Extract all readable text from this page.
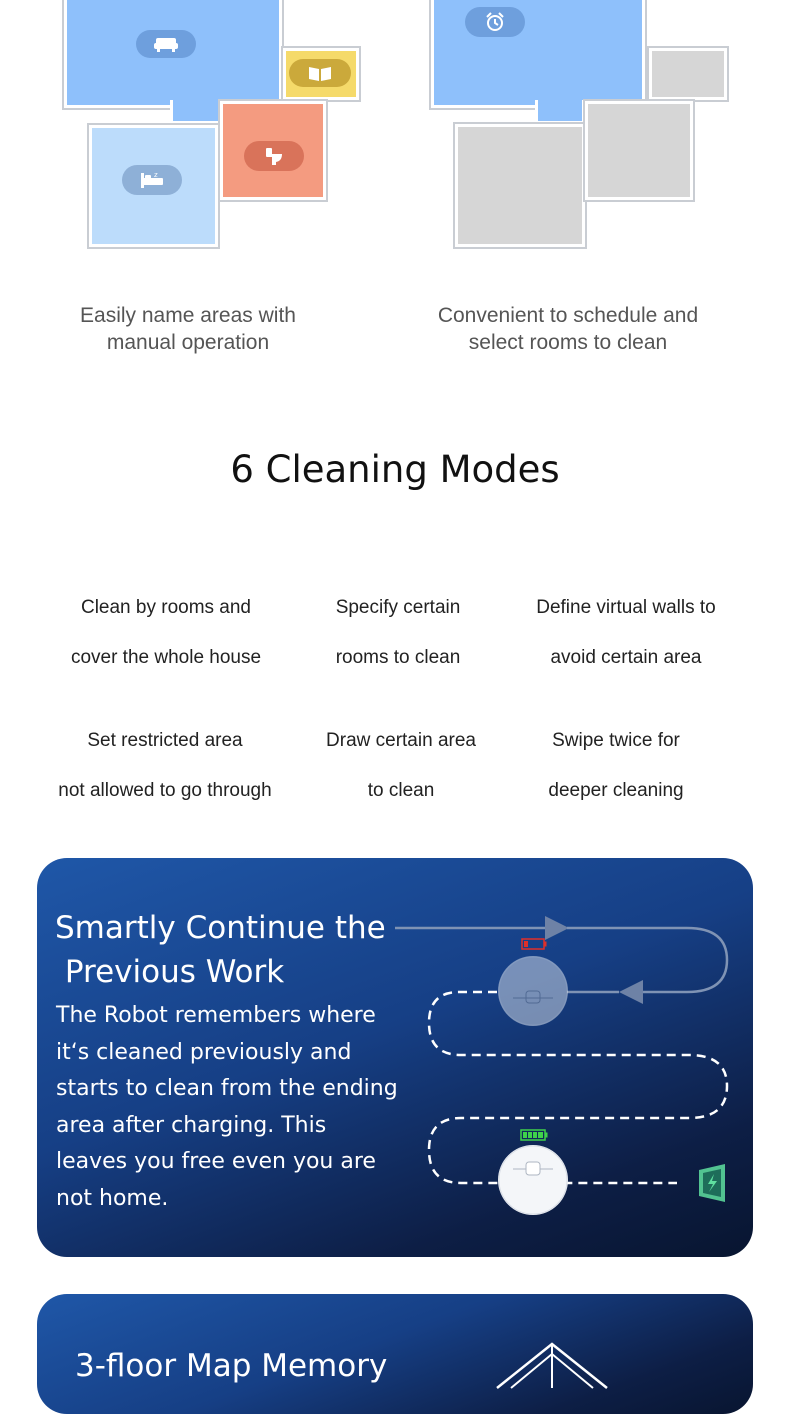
z
Easily name areas with
manual operation
Convenient to schedule and
select rooms to clean
6 Cleaning Modes

Clean by rooms and

cover the whole house

Specify certain

rooms to clean

Define virtual walls to

avoid certain area

Set restricted area

not allowed to go through

Draw certain area

to clean

Swipe twice for

deeper cleaning

Smartly Continue the
Previous Work
The Robot remembers where
it‘s cleaned previously and
starts to clean from the ending
area after charging. This
leaves you free even you are
not home.
3-floor Map Memory
